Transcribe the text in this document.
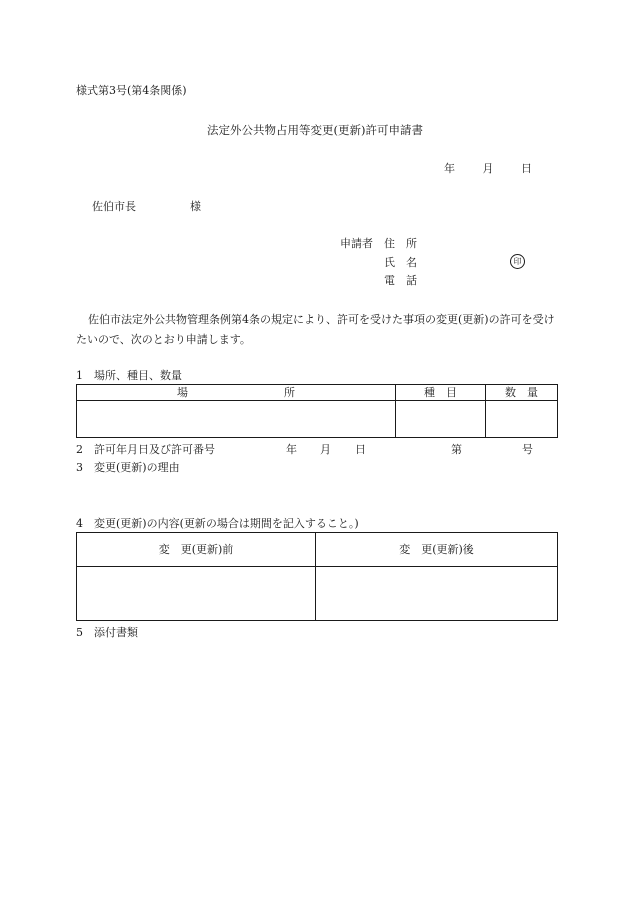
様式第3号(第4条関係)
法定外公共物占用等変更(更新)許可申請書
年	月	日
佐伯市長	様
申請者 住　所
氏　名
電　話
印
佐伯市法定外公共物管理条例第4条の規定により、許可を受けた事項の変更(更新)の許可を受けたいので、次のとおり申請します。
1　場所、種目、数量
場 所	種　目	数　量

2　許可年月日及び許可番号	年 月 日	第	号
3　変更(更新)の理由
4　変更(更新)の内容(更新の場合は期間を記入すること。)
変　更(更新)前	変　更(更新)後

5　添付書類
